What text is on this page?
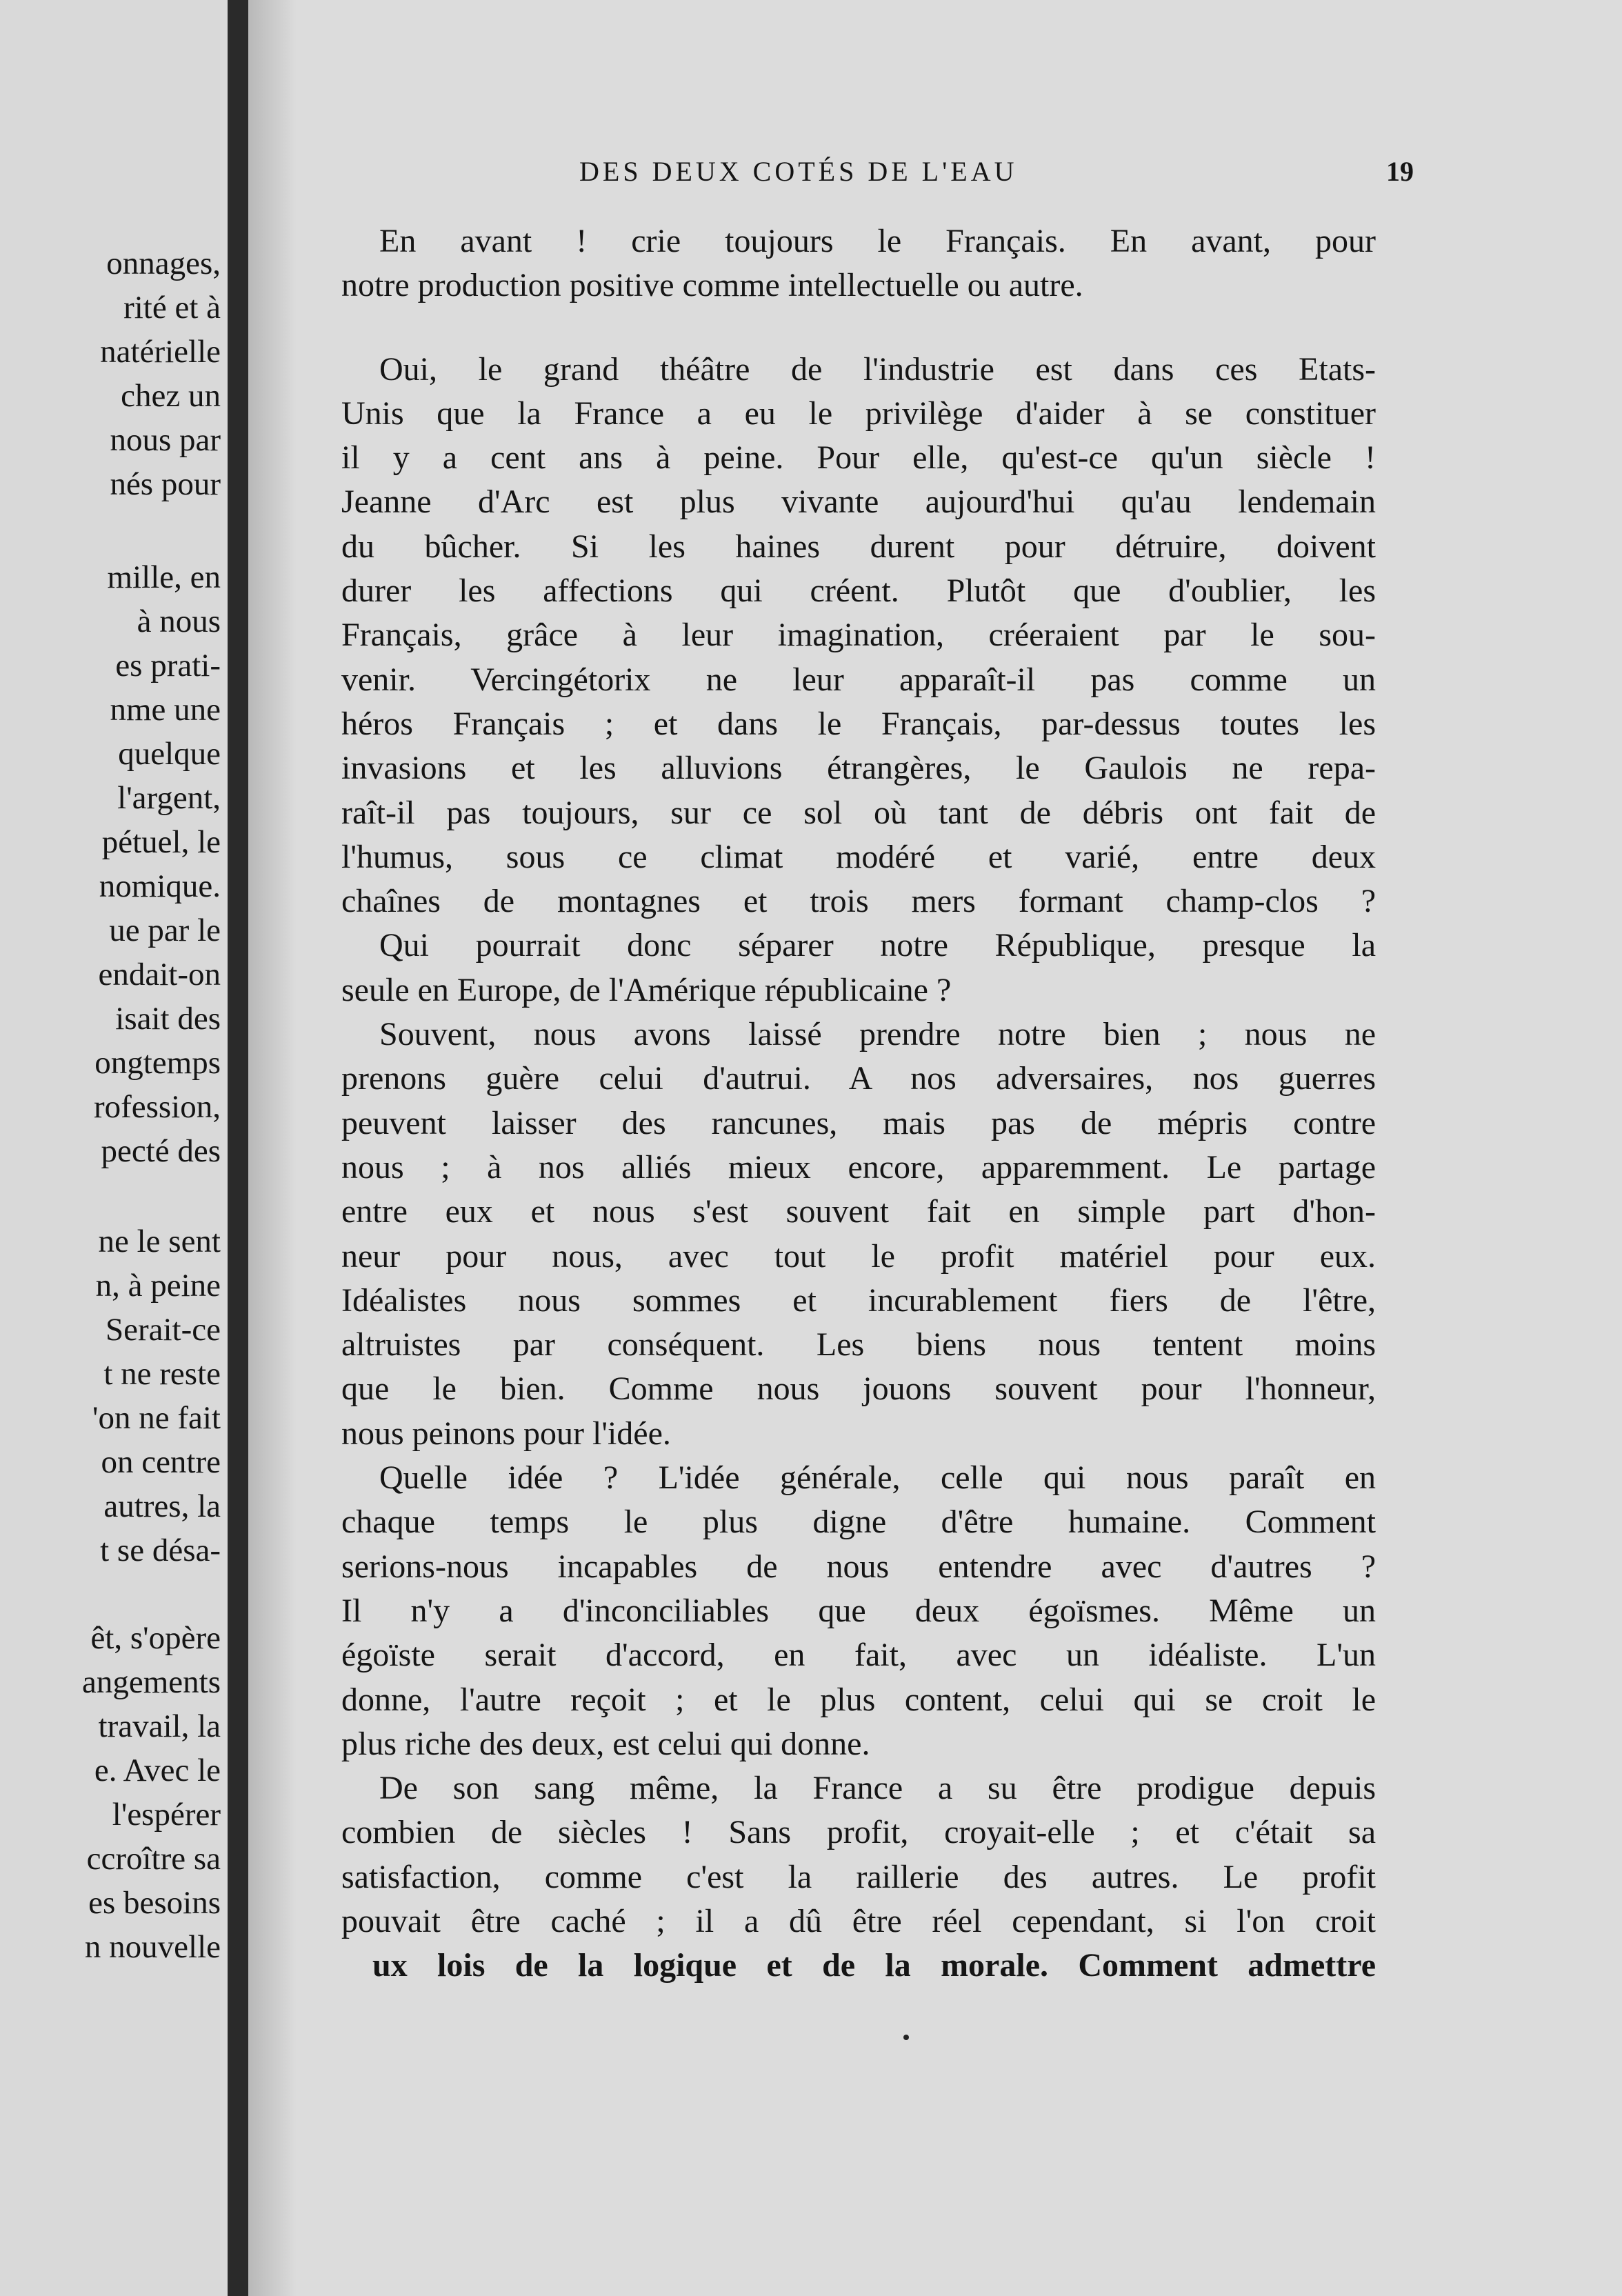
onnages,
rité et à
natérielle
chez un
nous par
nés pour
mille, en
à nous
es prati-
nme une
quelque
l'argent,
pétuel, le
nomique.
ue par le
endait-on
isait des
ongtemps
rofession,
pecté des
ne le sent
n, à peine
Serait-ce
t ne reste
'on ne fait
on centre
autres, la
t se désa-
êt, s'opère
angements
travail, la
e. Avec le
l'espérer
ccroître sa
es besoins
n nouvelle
DES DEUX COTÉS DE L'EAU	19
En avant ! crie toujours le Français. En avant, pour
notre production positive comme intellectuelle ou autre.
Oui, le grand théâtre de l'industrie est dans ces Etats-
Unis que la France a eu le privilège d'aider à se constituer
il y a cent ans à peine. Pour elle, qu'est-ce qu'un siècle !
Jeanne d'Arc est plus vivante aujourd'hui qu'au lendemain
du bûcher. Si les haines durent pour détruire, doivent
durer les affections qui créent. Plutôt que d'oublier, les
Français, grâce à leur imagination, créeraient par le sou-
venir. Vercingétorix ne leur apparaît-il pas comme un
héros Français ; et dans le Français, par-dessus toutes les
invasions et les alluvions étrangères, le Gaulois ne repa-
raît-il pas toujours, sur ce sol où tant de débris ont fait de
l'humus, sous ce climat modéré et varié, entre deux
chaînes de montagnes et trois mers formant champ-clos ?
Qui pourrait donc séparer notre République, presque la
seule en Europe, de l'Amérique républicaine ?
Souvent, nous avons laissé prendre notre bien ; nous ne
prenons guère celui d'autrui. A nos adversaires, nos guerres
peuvent laisser des rancunes, mais pas de mépris contre
nous ; à nos alliés mieux encore, apparemment. Le partage
entre eux et nous s'est souvent fait en simple part d'hon-
neur pour nous, avec tout le profit matériel pour eux.
Idéalistes nous sommes et incurablement fiers de l'être,
altruistes par conséquent. Les biens nous tentent moins
que le bien. Comme nous jouons souvent pour l'honneur,
nous peinons pour l'idée.
Quelle idée ? L'idée générale, celle qui nous paraît en
chaque temps le plus digne d'être humaine. Comment
serions-nous incapables de nous entendre avec d'autres ?
Il n'y a d'inconciliables que deux égoïsmes. Même un
égoïste serait d'accord, en fait, avec un idéaliste. L'un
donne, l'autre reçoit ; et le plus content, celui qui se croit le
plus riche des deux, est celui qui donne.
De son sang même, la France a su être prodigue depuis
combien de siècles ! Sans profit, croyait-elle ; et c'était sa
satisfaction, comme c'est la raillerie des autres. Le profit
pouvait être caché ; il a dû être réel cependant, si l'on croit
ux lois de la logique et de la morale. Comment admettre
